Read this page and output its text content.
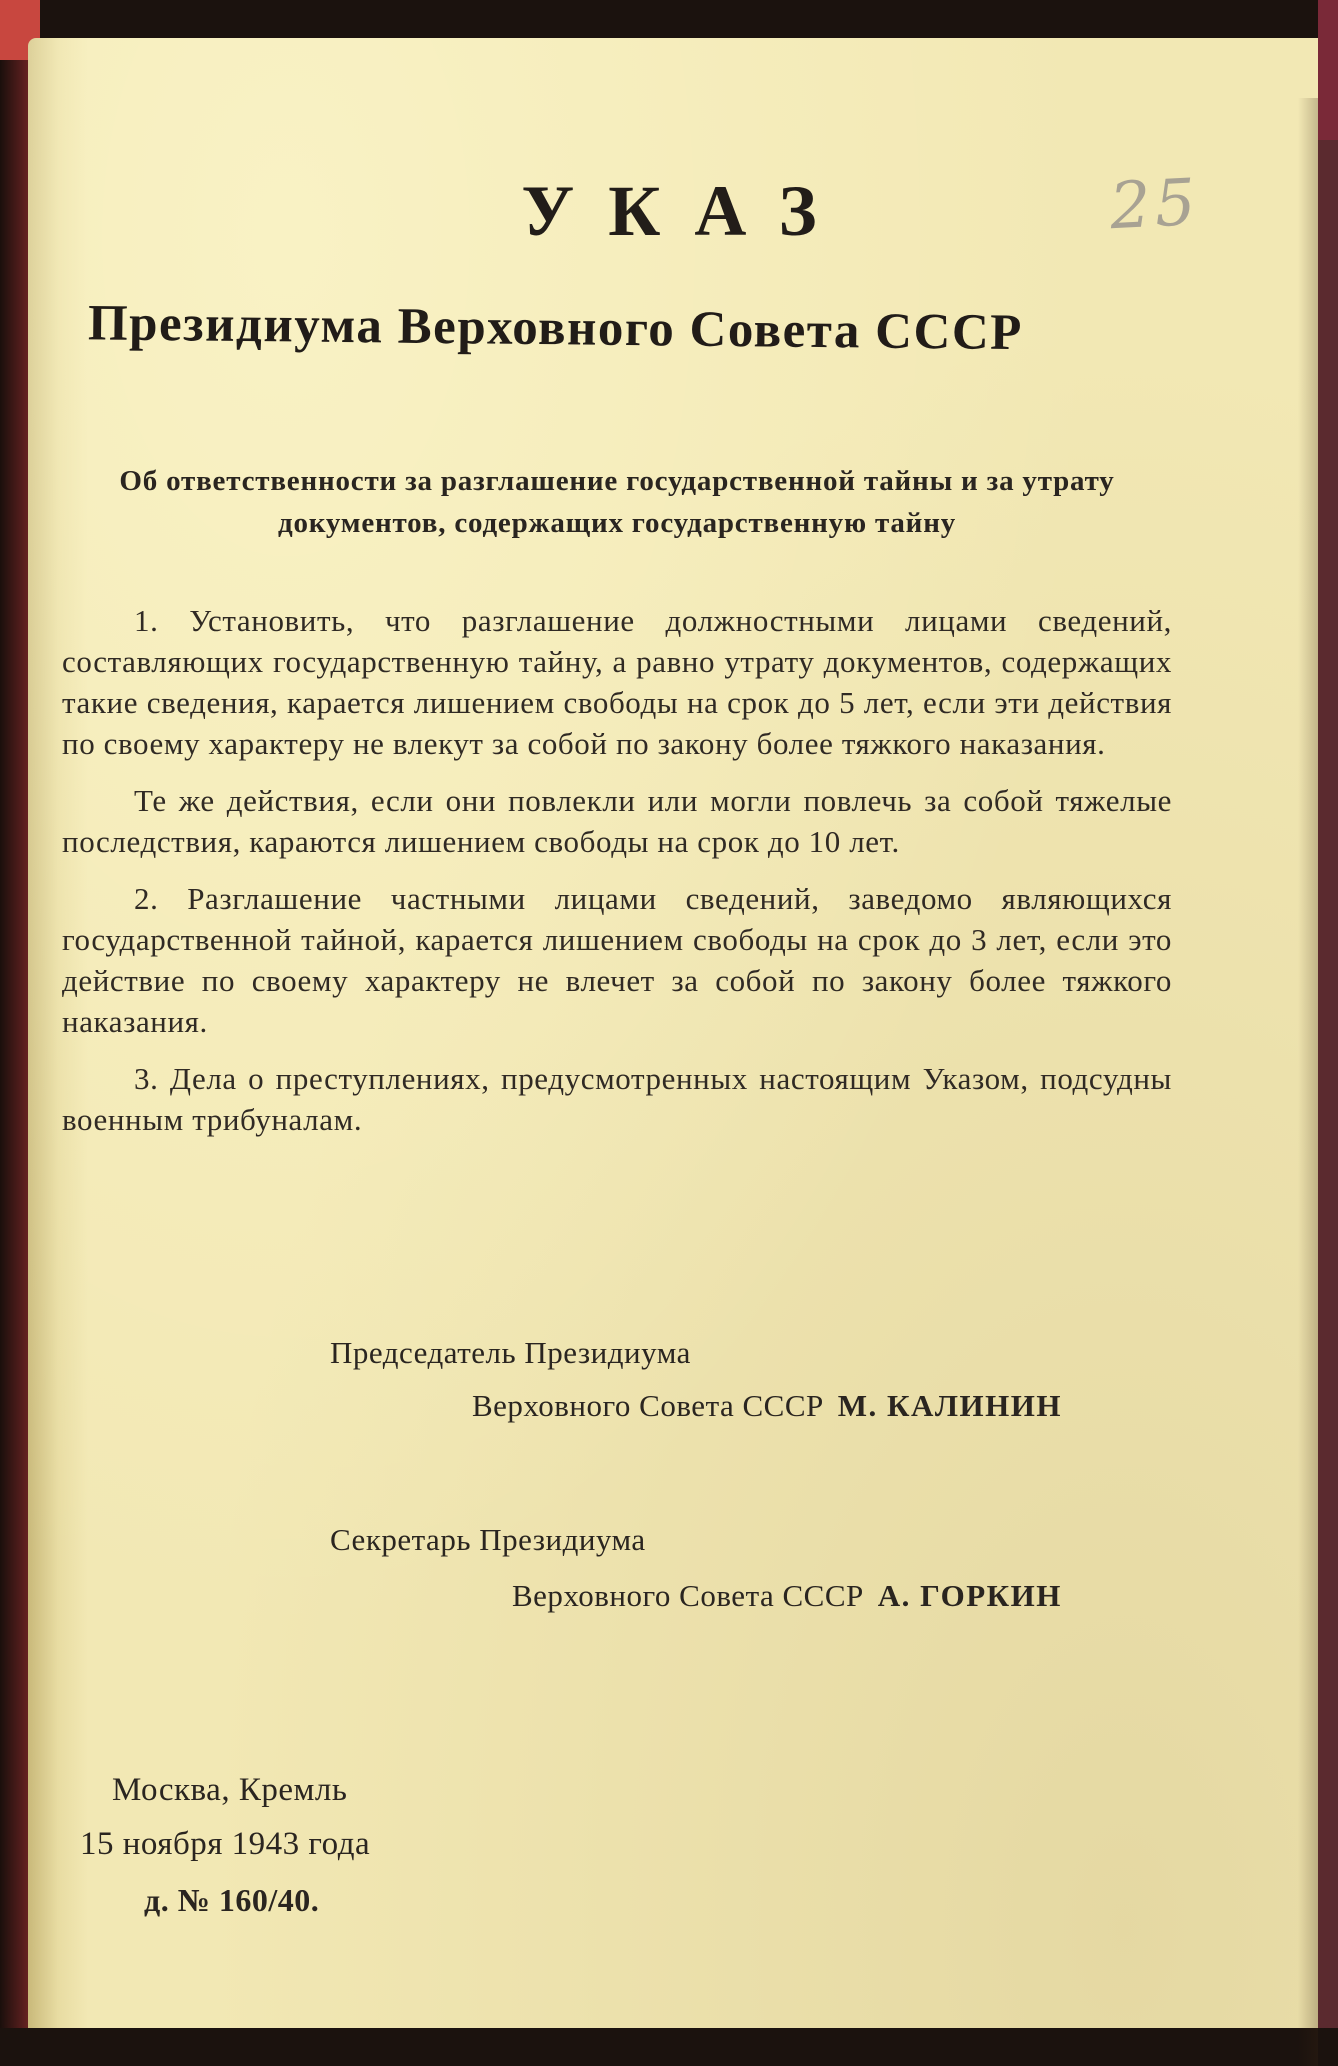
УКАЗ	25
Президиума Верховного Совета СССР
Об ответственности за разглашение государственной тайны и за утрату документов, содержащих государственную тайну

1. Установить, что разглашение должностными лицами сведений, составляющих государственную тайну, а равно утрату документов, содержащих такие сведения, карается лишением свободы на срок до 5 лет, если эти действия по своему характеру не влекут за собой по закону более тяжкого наказания.

Те же действия, если они повлекли или могли повлечь за собой тяжелые последствия, караются лишением свободы на срок до 10 лет.

2. Разглашение частными лицами сведений, заведомо являющихся государственной тайной, карается лишением свободы на срок до 3 лет, если это действие по своему характеру не влечет за собой по закону более тяжкого наказания.

3. Дела о преступлениях, предусмотренных настоящим Указом, подсудны военным трибуналам.

Председатель Президиума
Верховного Совета СССР М. КАЛИНИН
Секретарь Президиума
Верховного Совета СССР А. ГОРКИН
Москва, Кремль
15 ноября 1943 года
д. № 160/40.
